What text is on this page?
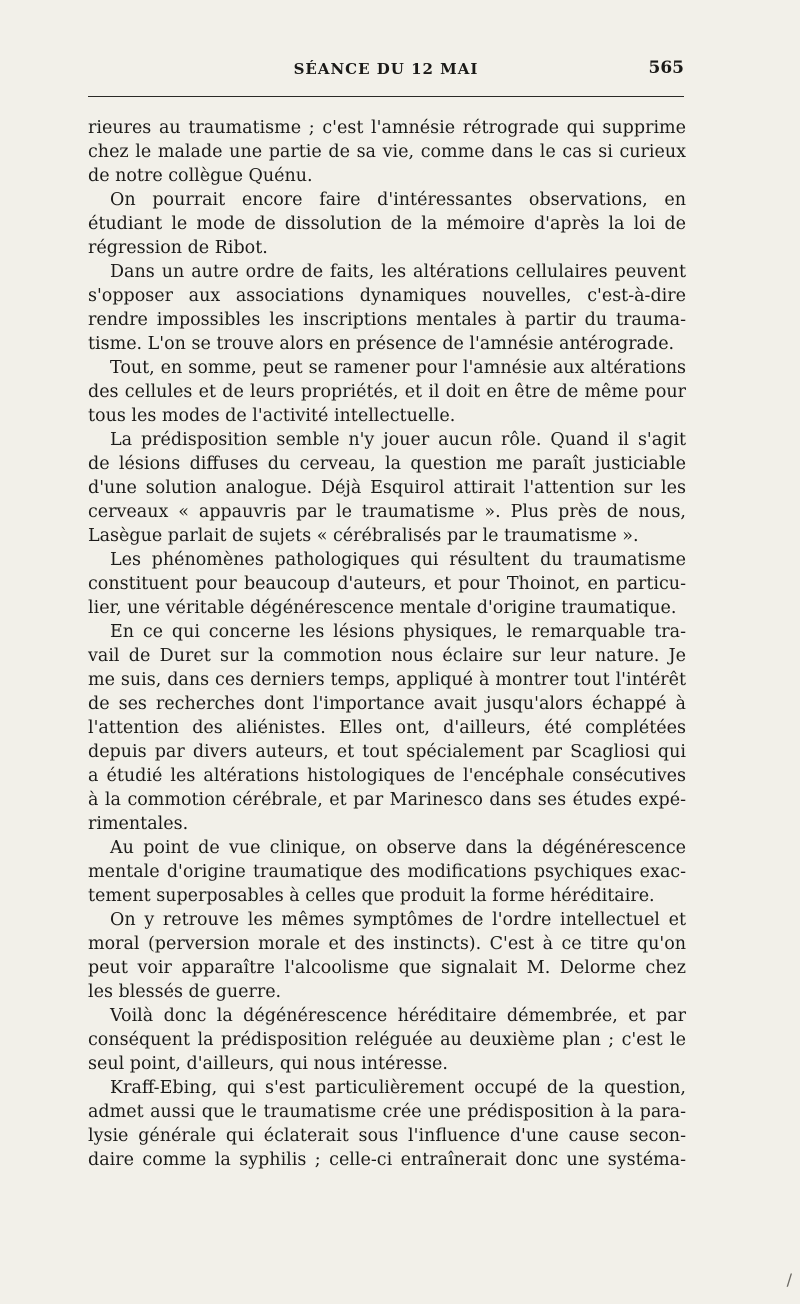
SÉANCE DU 12 MAI	565
rieures au traumatisme ; c'est l'amnésie rétrograde qui supprime
chez le malade une partie de sa vie, comme dans le cas si curieux
de notre collègue Quénu.
On pourrait encore faire d'intéressantes observations, en
étudiant le mode de dissolution de la mémoire d'après la loi de
régression de Ribot.
Dans un autre ordre de faits, les altérations cellulaires peuvent
s'opposer aux associations dynamiques nouvelles, c'est-à-dire
rendre impossibles les inscriptions mentales à partir du trauma-
tisme. L'on se trouve alors en présence de l'amnésie antérograde.
Tout, en somme, peut se ramener pour l'amnésie aux altérations
des cellules et de leurs propriétés, et il doit en être de même pour
tous les modes de l'activité intellectuelle.
La prédisposition semble n'y jouer aucun rôle. Quand il s'agit
de lésions diffuses du cerveau, la question me paraît justiciable
d'une solution analogue. Déjà Esquirol attirait l'attention sur les
cerveaux « appauvris par le traumatisme ». Plus près de nous,
Lasègue parlait de sujets « cérébralisés par le traumatisme ».
Les phénomènes pathologiques qui résultent du traumatisme
constituent pour beaucoup d'auteurs, et pour Thoinot, en particu-
lier, une véritable dégénérescence mentale d'origine traumatique.
En ce qui concerne les lésions physiques, le remarquable tra-
vail de Duret sur la commotion nous éclaire sur leur nature. Je
me suis, dans ces derniers temps, appliqué à montrer tout l'intérêt
de ses recherches dont l'importance avait jusqu'alors échappé à
l'attention des aliénistes. Elles ont, d'ailleurs, été complétées
depuis par divers auteurs, et tout spécialement par Scagliosi qui
a étudié les altérations histologiques de l'encéphale consécutives
à la commotion cérébrale, et par Marinesco dans ses études expé-
rimentales.
Au point de vue clinique, on observe dans la dégénérescence
mentale d'origine traumatique des modifications psychiques exac-
tement superposables à celles que produit la forme héréditaire.
On y retrouve les mêmes symptômes de l'ordre intellectuel et
moral (perversion morale et des instincts). C'est à ce titre qu'on
peut voir apparaître l'alcoolisme que signalait M. Delorme chez
les blessés de guerre.
Voilà donc la dégénérescence héréditaire démembrée, et par
conséquent la prédisposition reléguée au deuxième plan ; c'est le
seul point, d'ailleurs, qui nous intéresse.
Kraff-Ebing, qui s'est particulièrement occupé de la question,
admet aussi que le traumatisme crée une prédisposition à la para-
lysie générale qui éclaterait sous l'influence d'une cause secon-
daire comme la syphilis ; celle-ci entraînerait donc une systéma-
/
